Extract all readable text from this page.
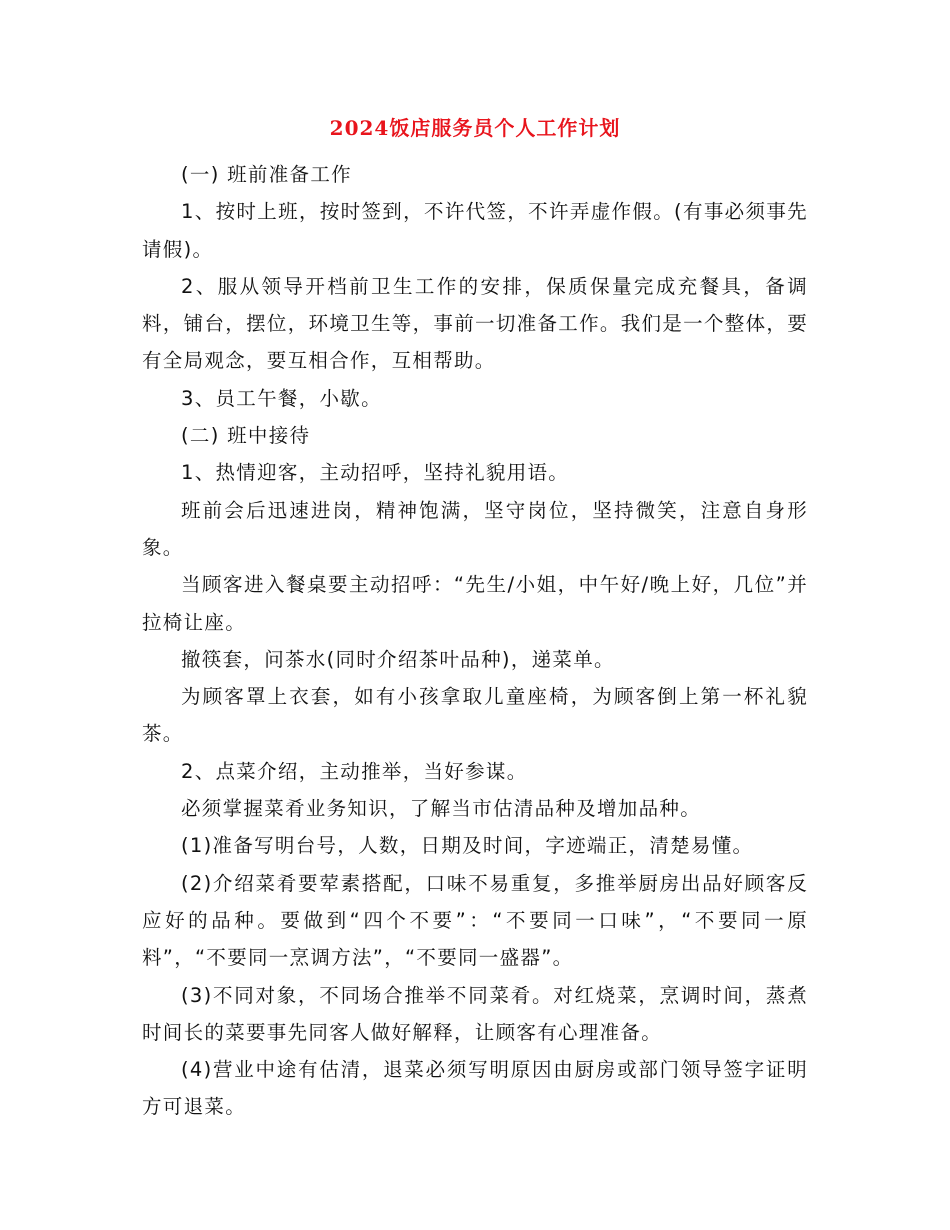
2024饭店服务员个人工作计划

(一) 班前准备工作

1、按时上班，按时签到，不许代签，不许弄虚作假。(有事必须事先请假)。

2、服从领导开档前卫生工作的安排，保质保量完成充餐具，备调料，铺台，摆位，环境卫生等，事前一切准备工作。我们是一个整体，要有全局观念，要互相合作，互相帮助。

3、员工午餐，小歇。

(二) 班中接待

1、热情迎客，主动招呼，坚持礼貌用语。

班前会后迅速进岗，精神饱满，坚守岗位，坚持微笑，注意自身形象。

当顾客进入餐桌要主动招呼：“先生/小姐，中午好/晚上好，几位”并拉椅让座。

撤筷套，问茶水(同时介绍茶叶品种)，递菜单。

为顾客罩上衣套，如有小孩拿取儿童座椅，为顾客倒上第一杯礼貌茶。

2、点菜介绍，主动推举，当好参谋。

必须掌握菜肴业务知识，了解当市估清品种及增加品种。

(1)准备写明台号，人数，日期及时间，字迹端正，清楚易懂。

(2)介绍菜肴要荤素搭配，口味不易重复，多推举厨房出品好顾客反应好的品种。要做到“四个不要”：“不要同一口味”，“不要同一原料”，“不要同一烹调方法”，“不要同一盛器”。

(3)不同对象，不同场合推举不同菜肴。对红烧菜，烹调时间，蒸煮时间长的菜要事先同客人做好解释，让顾客有心理准备。

(4)营业中途有估清，退菜必须写明原因由厨房或部门领导签字证明方可退菜。
